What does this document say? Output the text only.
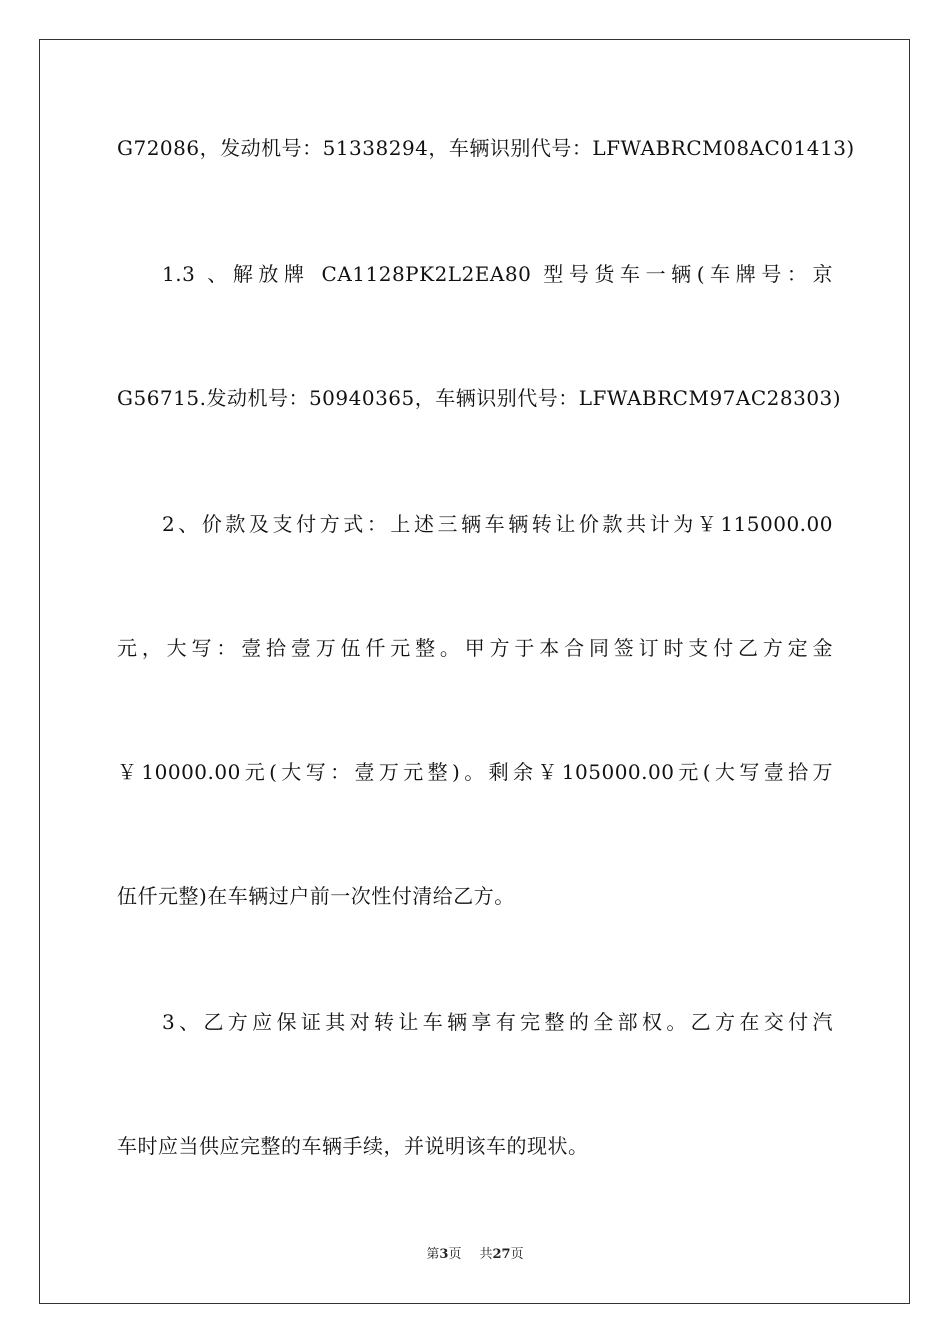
G72086，发动机号：51338294，车辆识别代号：LFWABRCM08AC01413)
1.3 、解放牌 CA1128PK2L2EA80 型号货车一辆(车牌号：京
G56715.发动机号：50940365，车辆识别代号：LFWABRCM97AC28303)
2、价款及支付方式：上述三辆车辆转让价款共计为￥115000.00
元，大写：壹拾壹万伍仟元整。甲方于本合同签订时支付乙方定金
￥10000.00元(大写：壹万元整)。剩余￥105000.00元(大写壹拾万
伍仟元整)在车辆过户前一次性付清给乙方。
3、乙方应保证其对转让车辆享有完整的全部权。乙方在交付汽
车时应当供应完整的车辆手续，并说明该车的现状。
第3页 共27页
